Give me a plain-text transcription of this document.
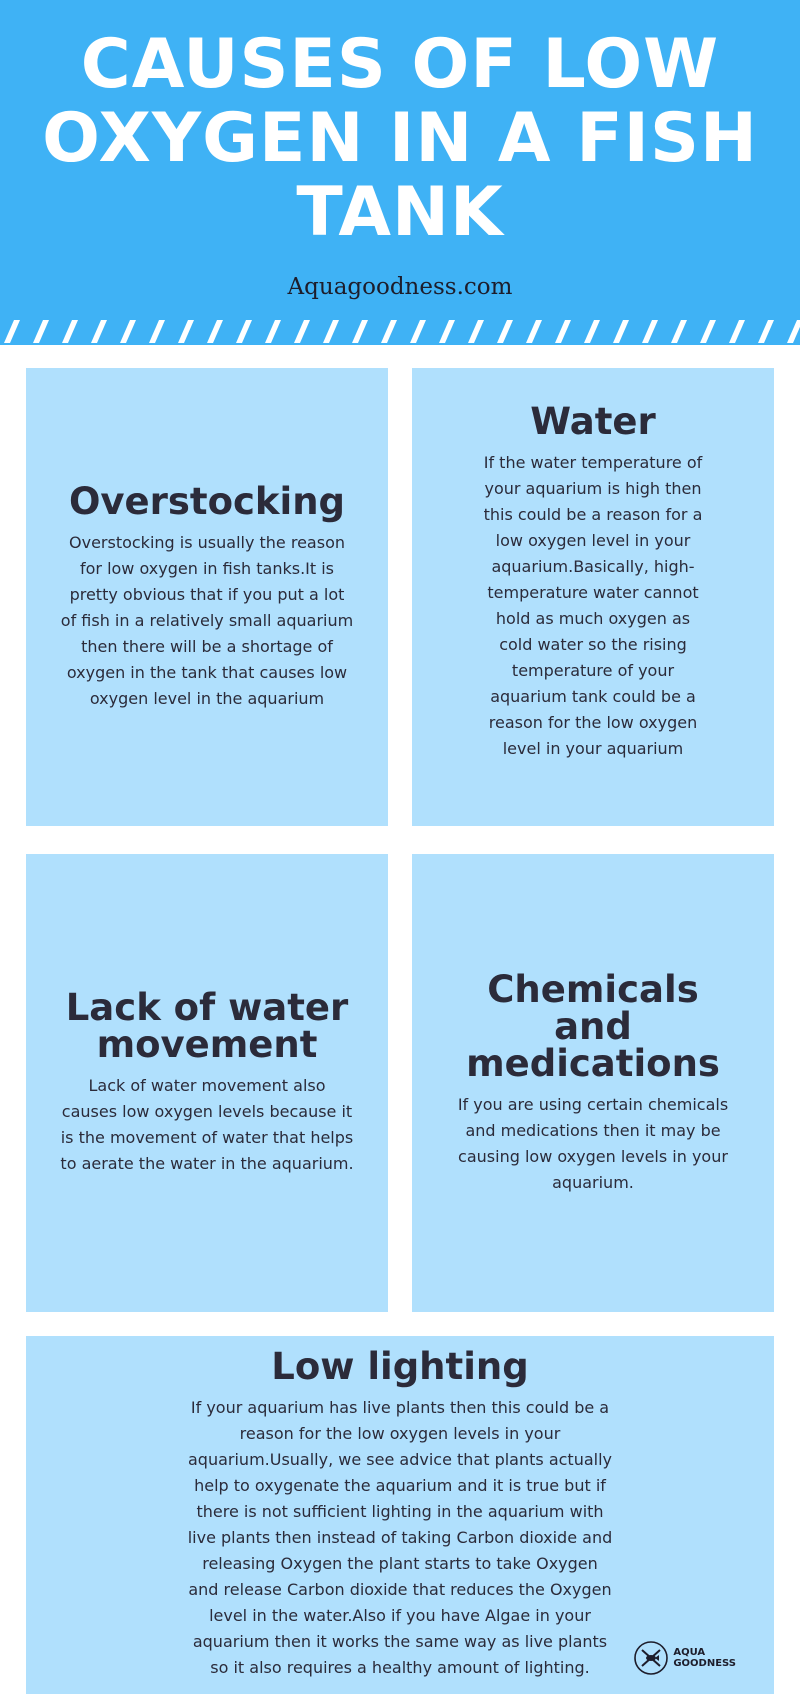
CAUSES OF LOW OXYGEN IN A FISH TANK
Aquagoodness.com
Overstocking

Overstocking is usually the reason for low oxygen in fish tanks.It is pretty obvious that if you put a lot of fish in a relatively small aquarium then there will be a shortage of oxygen in the tank that causes low oxygen level in the aquarium

Water

If the water temperature of your aquarium is high then this could be a reason for a low oxygen level in your aquarium.Basically, high-temperature water cannot hold as much oxygen as cold water so the rising temperature of your aquarium tank could be a reason for the low oxygen level in your aquarium

Lack of water movement

Lack of water movement also causes low oxygen levels because it is the movement of water that helps to aerate the water in the aquarium.

Chemicals and medications

If you are using certain chemicals and medications then it may be causing low oxygen levels in your aquarium.

Low lighting

If your aquarium has live plants then this could be a reason for the low oxygen levels in your aquarium.Usually, we see advice that plants actually help to oxygenate the aquarium and it is true but if there is not sufficient lighting in the aquarium with live plants then instead of taking Carbon dioxide and releasing Oxygen the plant starts to take Oxygen and release Carbon dioxide that reduces the Oxygen level in the water.Also if you have Algae in your aquarium then it works the same way as live plants so it also requires a healthy amount of lighting.

AQUA
GOODNESS
